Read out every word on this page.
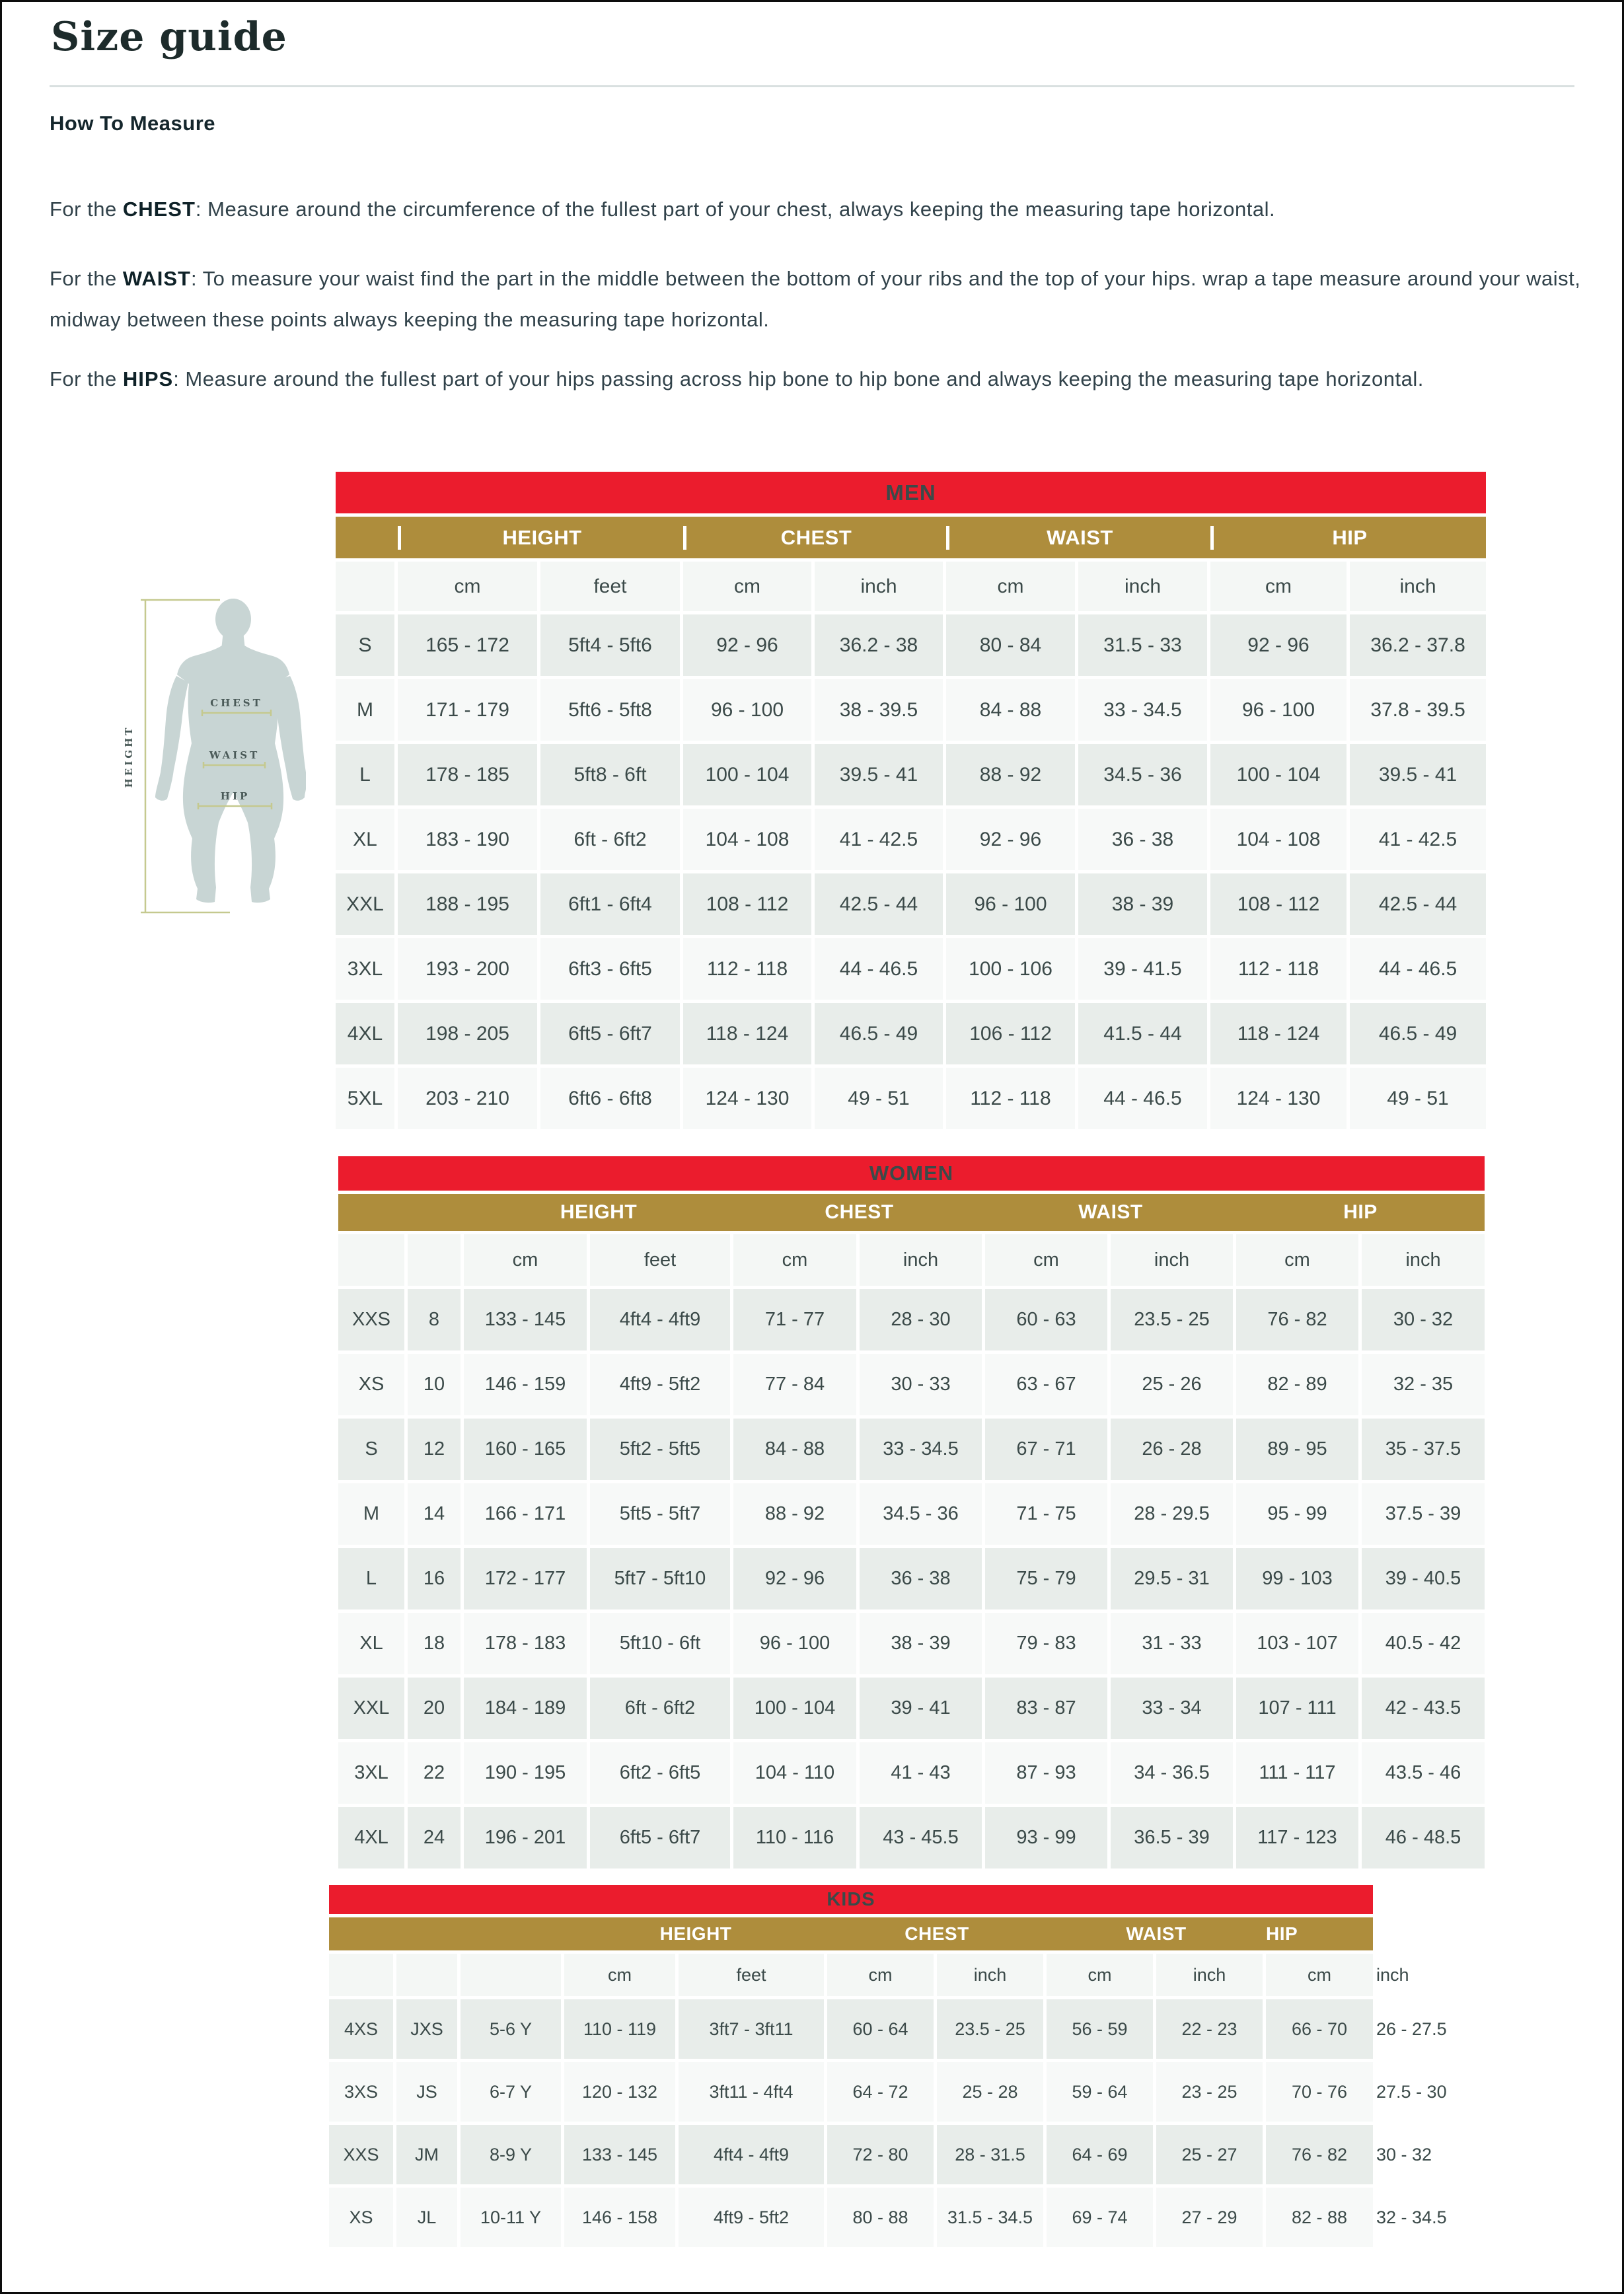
Size guide
How To Measure

For the CHEST: Measure around the circumference of the fullest part of your chest, always keeping the measuring tape horizontal.

For the WAIST: To measure your waist find the part in the middle between the bottom of your ribs and the top of your hips. wrap a tape measure around your waist, midway between these points always keeping the measuring tape horizontal.

For the HIPS: Measure around the fullest part of your hips passing across hip bone to hip bone and always keeping the measuring tape horizontal.

CHEST
WAIST
HIP
HEIGHT
MEN								

HEIGHT CHEST WAIST HIP								

	cm	feet	cm	inch	cm	inch	cm	inch
S	165 - 172	5ft4 - 5ft6	92 - 96	36.2 - 38	80 - 84	31.5 - 33	92 - 96	36.2 - 37.8
M	171 - 179	5ft6 - 5ft8	96 - 100	38 - 39.5	84 - 88	33 - 34.5	96 - 100	37.8 - 39.5
L	178 - 185	5ft8 - 6ft	100 - 104	39.5 - 41	88 - 92	34.5 - 36	100 - 104	39.5 - 41
XL	183 - 190	6ft - 6ft2	104 - 108	41 - 42.5	92 - 96	36 - 38	104 - 108	41 - 42.5
XXL	188 - 195	6ft1 - 6ft4	108 - 112	42.5 - 44	96 - 100	38 - 39	108 - 112	42.5 - 44
3XL	193 - 200	6ft3 - 6ft5	112 - 118	44 - 46.5	100 - 106	39 - 41.5	112 - 118	44 - 46.5
4XL	198 - 205	6ft5 - 6ft7	118 - 124	46.5 - 49	106 - 112	41.5 - 44	118 - 124	46.5 - 49
5XL	203 - 210	6ft6 - 6ft8	124 - 130	49 - 51	112 - 118	44 - 46.5	124 - 130	49 - 51
WOMEN									

HEIGHT CHEST WAIST HIP									

		cm	feet	cm	inch	cm	inch	cm	inch
XXS	8	133 - 145	4ft4 - 4ft9	71 - 77	28 - 30	60 - 63	23.5 - 25	76 - 82	30 - 32
XS	10	146 - 159	4ft9 - 5ft2	77 - 84	30 - 33	63 - 67	25 - 26	82 - 89	32 - 35
S	12	160 - 165	5ft2 - 5ft5	84 - 88	33 - 34.5	67 - 71	26 - 28	89 - 95	35 - 37.5
M	14	166 - 171	5ft5 - 5ft7	88 - 92	34.5 - 36	71 - 75	28 - 29.5	95 - 99	37.5 - 39
L	16	172 - 177	5ft7 - 5ft10	92 - 96	36 - 38	75 - 79	29.5 - 31	99 - 103	39 - 40.5
XL	18	178 - 183	5ft10 - 6ft	96 - 100	38 - 39	79 - 83	31 - 33	103 - 107	40.5 - 42
XXL	20	184 - 189	6ft - 6ft2	100 - 104	39 - 41	83 - 87	33 - 34	107 - 111	42 - 43.5
3XL	22	190 - 195	6ft2 - 6ft5	104 - 110	41 - 43	87 - 93	34 - 36.5	111 - 117	43.5 - 46
4XL	24	196 - 201	6ft5 - 6ft7	110 - 116	43 - 45.5	93 - 99	36.5 - 39	117 - 123	46 - 48.5
KIDS										

HEIGHT CHEST WAIST HIP										

			cm	feet	cm	inch	cm	inch	cm	inch
4XS	JXS	5-6 Y	110 - 119	3ft7 - 3ft11	60 - 64	23.5 - 25	56 - 59	22 - 23	66 - 70	26 - 27.5
3XS	JS	6-7 Y	120 - 132	3ft11 - 4ft4	64 - 72	25 - 28	59 - 64	23 - 25	70 - 76	27.5 - 30
XXS	JM	8-9 Y	133 - 145	4ft4 - 4ft9	72 - 80	28 - 31.5	64 - 69	25 - 27	76 - 82	30 - 32
XS	JL	10-11 Y	146 - 158	4ft9 - 5ft2	80 - 88	31.5 - 34.5	69 - 74	27 - 29	82 - 88	32 - 34.5
